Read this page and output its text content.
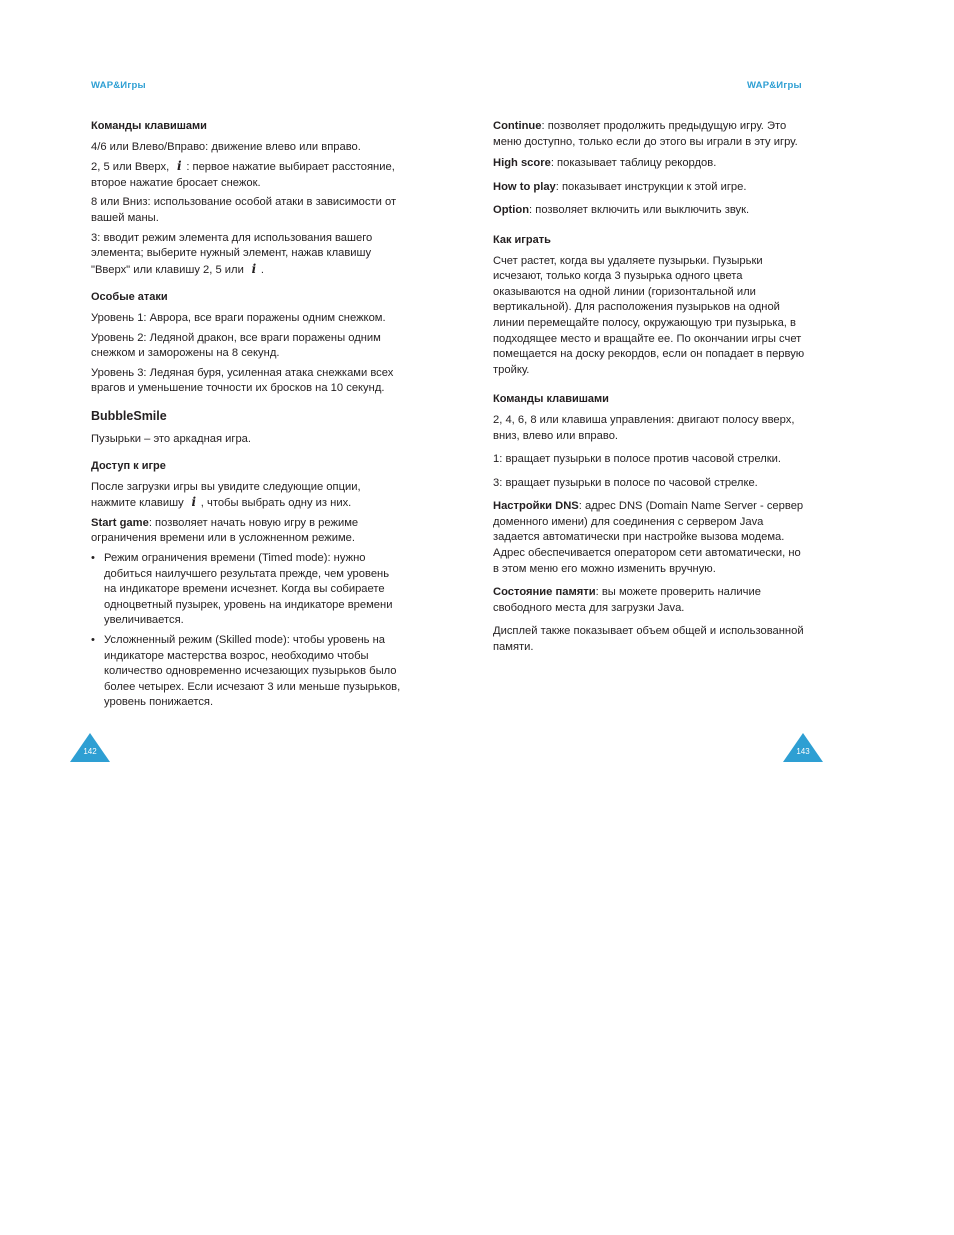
WAP&Игры	WAP&Игры

Команды клавишами

4/6 или Влево/Вправо: движение влево или вправо.

2, 5 или Вверх, i : первое нажатие выбирает расстояние, второе нажатие бросает снежок.

8 или Вниз: использование особой атаки в зависимости от вашей маны.

3: вводит режим элемента для использования вашего элемента; выберите нужный элемент, нажав клавишу "Вверх" или клавишу 2, 5 или i .

Особые атаки

Уровень 1: Аврора, все враги поражены одним снежком.

Уровень 2: Ледяной дракон, все враги поражены одним снежком и заморожены на 8 секунд.

Уровень 3: Ледяная буря, усиленная атака снежками всех врагов и уменьшение точности их бросков на 10 секунд.

BubbleSmile

Пузырьки – это аркадная игра.

Доступ к игре

После загрузки игры вы увидите следующие опции, нажмите клавишу i , чтобы выбрать одну из них.

Start game: позволяет начать новую игру в режиме ограничения времени или в усложненном режиме.

• Режим ограничения времени (Timed mode): нужно добиться наилучшего результата прежде, чем уровень на индикаторе времени исчезнет. Когда вы собираете одноцветный пузырек, уровень на индикаторе времени увеличивается.
• Усложненный режим (Skilled mode): чтобы уровень на индикаторе мастерства возрос, необходимо чтобы количество одновременно исчезающих пузырьков было более четырех. Если исчезают 3 или меньше пузырьков, уровень понижается.

Continue: позволяет продолжить предыдущую игру. Это меню доступно, только если до этого вы играли в эту игру.

High score: показывает таблицу рекордов.

How to play: показывает инструкции к этой игре.

Option: позволяет включить или выключить звук.

Как играть

Счет растет, когда вы удаляете пузырьки. Пузырьки исчезают, только когда 3 пузырька одного цвета оказываются на одной линии (горизонтальной или вертикальной). Для расположения пузырьков на одной линии перемещайте полосу, окружающую три пузырька, в подходящее место и вращайте ее. По окончании игры счет помещается на доску рекордов, если он попадает в первую тройку.

Команды клавишами

2, 4, 6, 8 или клавиша управления: двигают полосу вверх, вниз, влево или вправо.

1: вращает пузырьки в полосе против часовой стрелки.

3: вращает пузырьки в полосе по часовой стрелке.

Настройки DNS: адрес DNS (Domain Name Server - сервер доменного имени) для соединения с сервером Java задается автоматически при настройке вызова модема. Адрес обеспечивается оператором сети автоматически, но в этом меню его можно изменить вручную.

Состояние памяти: вы можете проверить наличие свободного места для загрузки Java.

Дисплей также показывает объем общей и использованной памяти.

142	143
